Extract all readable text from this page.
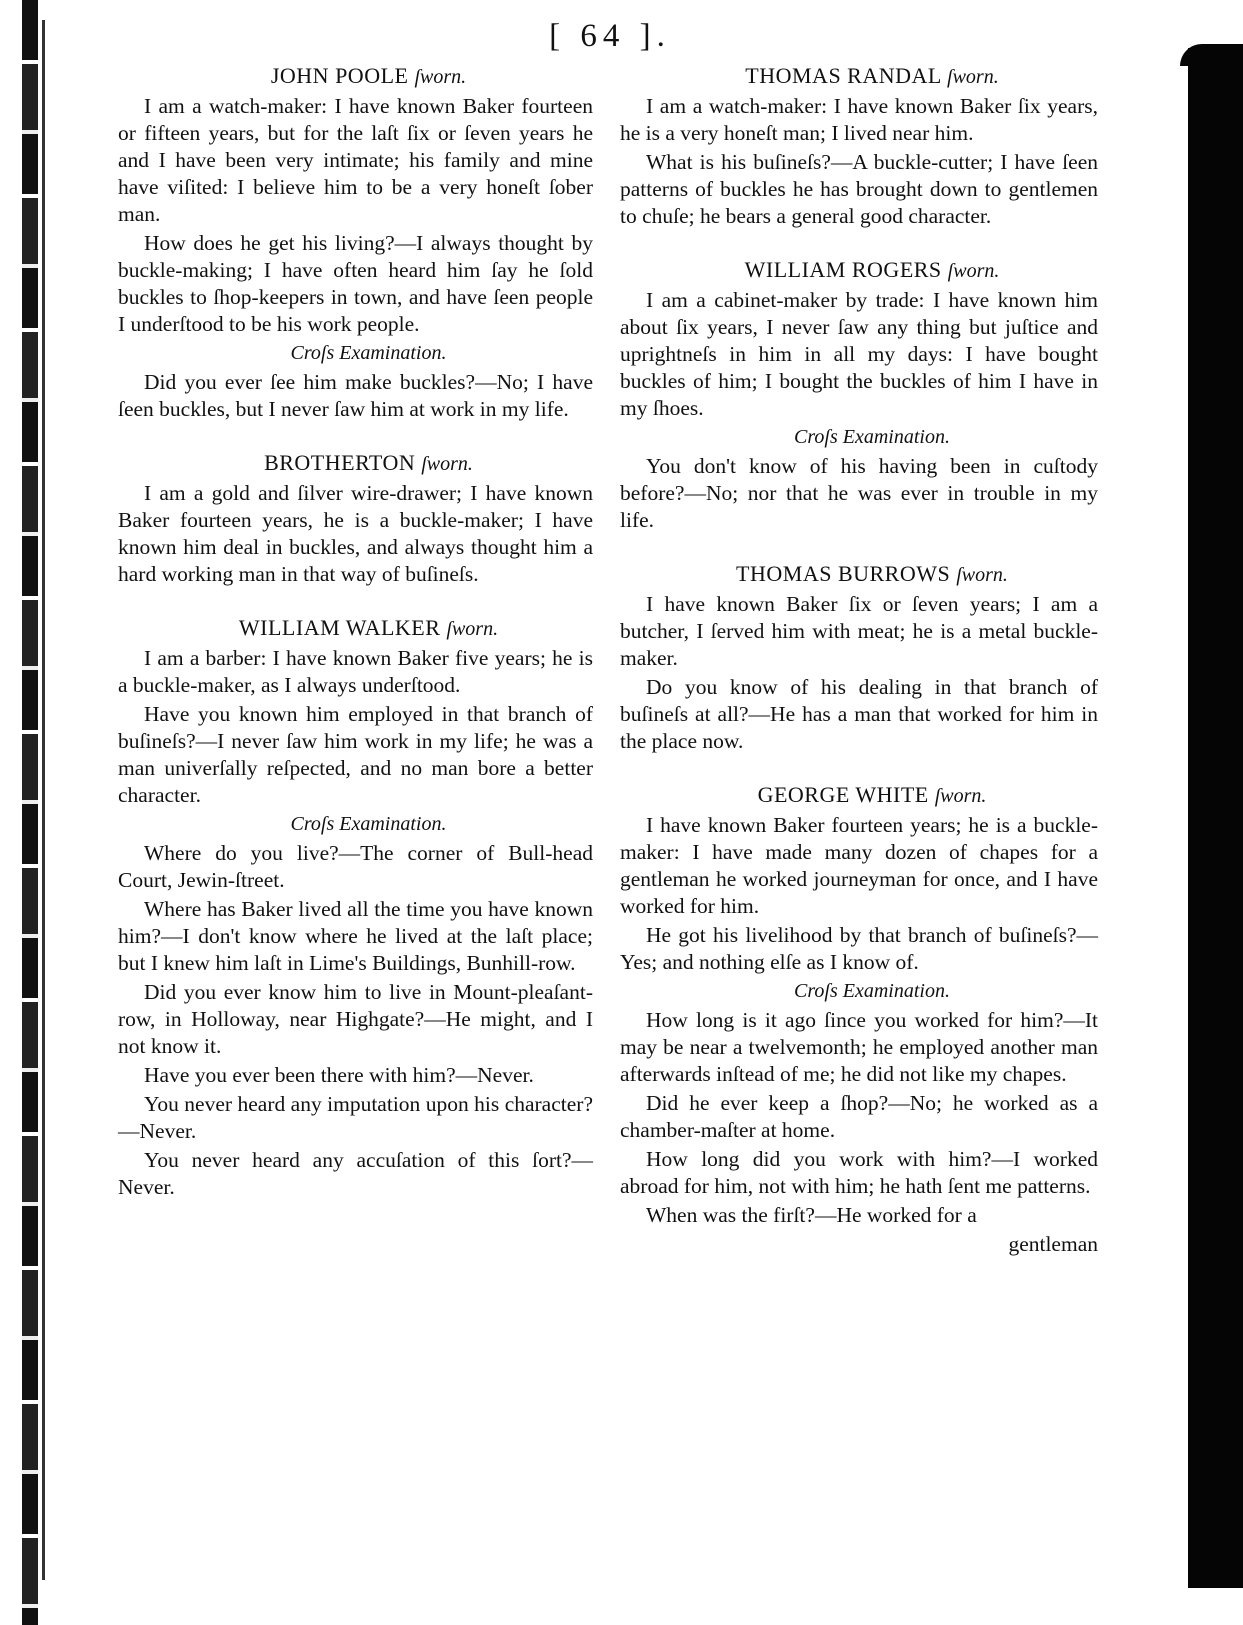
[ 64 ].

JOHN POOLE ſworn.

I am a watch-maker: I have known Baker fourteen or fifteen years, but for the laſt ſix or ſeven years he and I have been very intimate; his family and mine have viſited: I believe him to be a very honeſt ſober man.

How does he get his living?—I always thought by buckle-making; I have often heard him ſay he ſold buckles to ſhop-keepers in town, and have ſeen people I underſtood to be his work people.

Croſs Examination.

Did you ever ſee him make buckles?—No; I have ſeen buckles, but I never ſaw him at work in my life.

BROTHERTON ſworn.

I am a gold and ſilver wire-drawer; I have known Baker fourteen years, he is a buckle-maker; I have known him deal in buckles, and always thought him a hard working man in that way of buſineſs.

WILLIAM WALKER ſworn.

I am a barber: I have known Baker five years; he is a buckle-maker, as I always underſtood.

Have you known him employed in that branch of buſineſs?—I never ſaw him work in my life; he was a man univerſally reſpected, and no man bore a better character.

Croſs Examination.

Where do you live?—The corner of Bull-head Court, Jewin-ſtreet.

Where has Baker lived all the time you have known him?—I don't know where he lived at the laſt place; but I knew him laſt in Lime's Buildings, Bunhill-row.

Did you ever know him to live in Mount-pleaſant-row, in Holloway, near Highgate?—He might, and I not know it.

Have you ever been there with him?—Never.

You never heard any imputation upon his character?—Never.

You never heard any accuſation of this ſort?—Never.

THOMAS RANDAL ſworn.

I am a watch-maker: I have known Baker ſix years, he is a very honeſt man; I lived near him.

What is his buſineſs?—A buckle-cutter; I have ſeen patterns of buckles he has brought down to gentlemen to chuſe; he bears a general good character.

WILLIAM ROGERS ſworn.

I am a cabinet-maker by trade: I have known him about ſix years, I never ſaw any thing but juſtice and uprightneſs in him in all my days: I have bought buckles of him; I bought the buckles of him I have in my ſhoes.

Croſs Examination.

You don't know of his having been in cuſtody before?—No; nor that he was ever in trouble in my life.

THOMAS BURROWS ſworn.

I have known Baker ſix or ſeven years; I am a butcher, I ſerved him with meat; he is a metal buckle-maker.

Do you know of his dealing in that branch of buſineſs at all?—He has a man that worked for him in the place now.

GEORGE WHITE ſworn.

I have known Baker fourteen years; he is a buckle-maker: I have made many dozen of chapes for a gentleman he worked journeyman for once, and I have worked for him.

He got his livelihood by that branch of buſineſs?—Yes; and nothing elſe as I know of.

Croſs Examination.

How long is it ago ſince you worked for him?—It may be near a twelvemonth; he employed another man afterwards inſtead of me; he did not like my chapes.

Did he ever keep a ſhop?—No; he worked as a chamber-maſter at home.

How long did you work with him?—I worked abroad for him, not with him; he hath ſent me patterns.

When was the firſt?—He worked for a

gentleman
